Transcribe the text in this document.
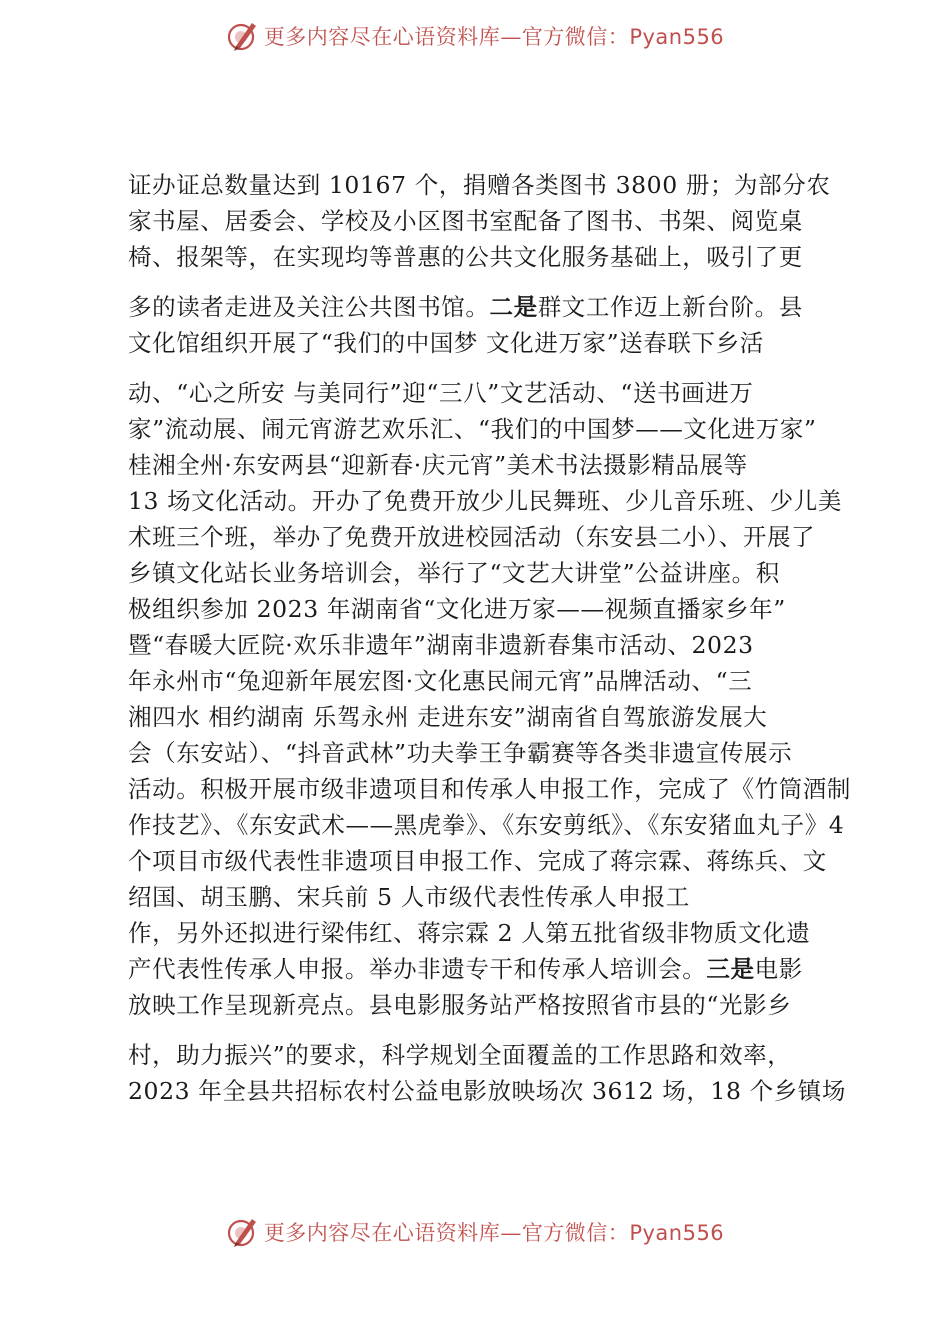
更多内容尽在心语资料库—官方微信：Pyan556
证办证总数量达到 10167 个，捐赠各类图书 3800 册；为部分农
家书屋、居委会、学校及小区图书室配备了图书、书架、阅览桌
椅、报架等，在实现均等普惠的公共文化服务基础上，吸引了更
多的读者走进及关注公共图书馆。二是群文工作迈上新台阶。县
文化馆组织开展了“我们的中国梦 文化进万家”送春联下乡活
动、“心之所安 与美同行”迎“三八”文艺活动、“送书画进万
家”流动展、闹元宵游艺欢乐汇、“我们的中国梦——文化进万家”
桂湘全州·东安两县“迎新春·庆元宵”美术书法摄影精品展等
13 场文化活动。开办了免费开放少儿民舞班、少儿音乐班、少儿美
术班三个班，举办了免费开放进校园活动（东安县二小）、开展了
乡镇文化站长业务培训会，举行了“文艺大讲堂”公益讲座。积
极组织参加 2023 年湖南省“文化进万家——视频直播家乡年”
暨“春暖大匠院·欢乐非遗年”湖南非遗新春集市活动、2023
年永州市“兔迎新年展宏图·文化惠民闹元宵”品牌活动、“三
湘四水 相约湖南 乐驾永州 走进东安”湖南省自驾旅游发展大
会（东安站）、“抖音武林”功夫拳王争霸赛等各类非遗宣传展示
活动。积极开展市级非遗项目和传承人申报工作，完成了《竹筒酒制
作技艺》、《东安武术——黑虎拳》、《东安剪纸》、《东安猪血丸子》4
个项目市级代表性非遗项目申报工作、完成了蒋宗霖、蒋练兵、文
绍国、胡玉鹏、宋兵前 5 人市级代表性传承人申报工
作，另外还拟进行梁伟红、蒋宗霖 2 人第五批省级非物质文化遗
产代表性传承人申报。举办非遗专干和传承人培训会。三是电影
放映工作呈现新亮点。县电影服务站严格按照省市县的“光影乡
村，助力振兴”的要求，科学规划全面覆盖的工作思路和效率，
2023 年全县共招标农村公益电影放映场次 3612 场，18 个乡镇场
更多内容尽在心语资料库—官方微信：Pyan556
